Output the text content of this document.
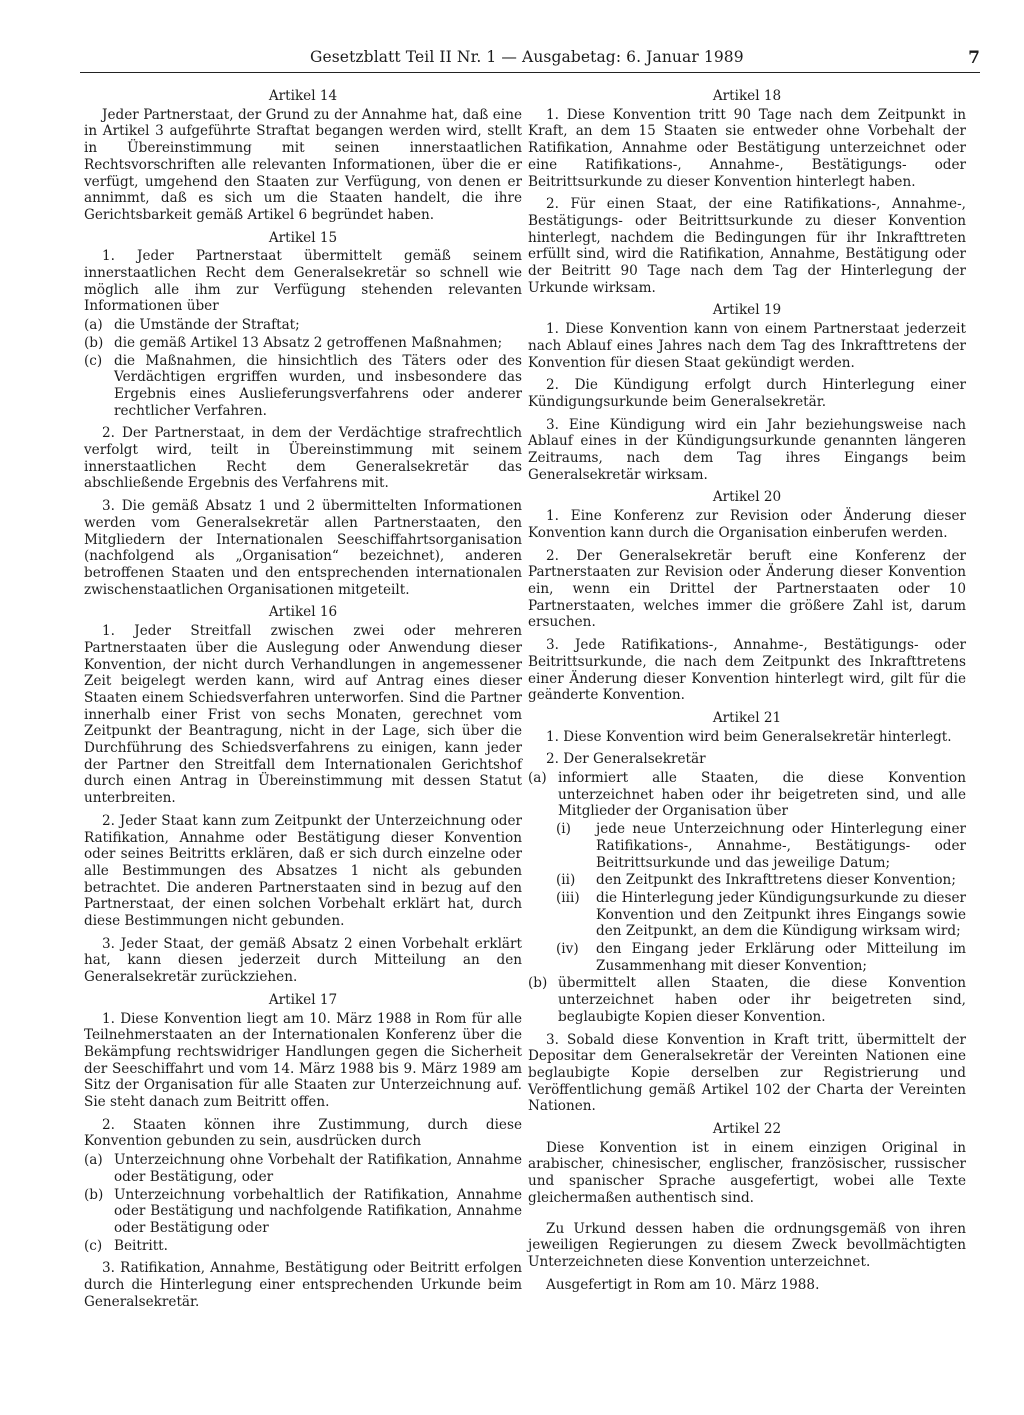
Gesetzblatt Teil II Nr. 1 — Ausgabetag: 6. Januar 1989	7
Artikel 14
Jeder Partnerstaat, der Grund zu der Annahme hat, daß eine in Artikel 3 aufgeführte Straftat begangen werden wird, stellt in Übereinstimmung mit seinen innerstaatlichen Rechtsvorschriften alle relevanten Informationen, über die er verfügt, umgehend den Staaten zur Verfügung, von denen er annimmt, daß es sich um die Staaten handelt, die ihre Gerichtsbarkeit gemäß Artikel 6 begründet haben.
Artikel 15
1. Jeder Partnerstaat übermittelt gemäß seinem innerstaatlichen Recht dem Generalsekretär so schnell wie möglich alle ihm zur Verfügung stehenden relevanten Informationen über
(a) die Umstände der Straftat;
(b) die gemäß Artikel 13 Absatz 2 getroffenen Maßnahmen;
(c) die Maßnahmen, die hinsichtlich des Täters oder des Verdächtigen ergriffen wurden, und insbesondere das Ergebnis eines Auslieferungsverfahrens oder anderer rechtlicher Verfahren.
2. Der Partnerstaat, in dem der Verdächtige strafrechtlich verfolgt wird, teilt in Übereinstimmung mit seinem innerstaatlichen Recht dem Generalsekretär das abschließende Ergebnis des Verfahrens mit.
3. Die gemäß Absatz 1 und 2 übermittelten Informationen werden vom Generalsekretär allen Partnerstaaten, den Mitgliedern der Internationalen Seeschiffahrtsorganisation (nachfolgend als „Organisation“ bezeichnet), anderen betroffenen Staaten und den entsprechenden internationalen zwischenstaatlichen Organisationen mitgeteilt.
Artikel 16
1. Jeder Streitfall zwischen zwei oder mehreren Partnerstaaten über die Auslegung oder Anwendung dieser Konvention, der nicht durch Verhandlungen in angemessener Zeit beigelegt werden kann, wird auf Antrag eines dieser Staaten einem Schiedsverfahren unterworfen. Sind die Partner innerhalb einer Frist von sechs Monaten, gerechnet vom Zeitpunkt der Beantragung, nicht in der Lage, sich über die Durchführung des Schiedsverfahrens zu einigen, kann jeder der Partner den Streitfall dem Internationalen Gerichtshof durch einen Antrag in Übereinstimmung mit dessen Statut unterbreiten.
2. Jeder Staat kann zum Zeitpunkt der Unterzeichnung oder Ratifikation, Annahme oder Bestätigung dieser Konvention oder seines Beitritts erklären, daß er sich durch einzelne oder alle Bestimmungen des Absatzes 1 nicht als gebunden betrachtet. Die anderen Partnerstaaten sind in bezug auf den Partnerstaat, der einen solchen Vorbehalt erklärt hat, durch diese Bestimmungen nicht gebunden.
3. Jeder Staat, der gemäß Absatz 2 einen Vorbehalt erklärt hat, kann diesen jederzeit durch Mitteilung an den Generalsekretär zurückziehen.
Artikel 17
1. Diese Konvention liegt am 10. März 1988 in Rom für alle Teilnehmerstaaten an der Internationalen Konferenz über die Bekämpfung rechtswidriger Handlungen gegen die Sicherheit der Seeschiffahrt und vom 14. März 1988 bis 9. März 1989 am Sitz der Organisation für alle Staaten zur Unterzeichnung auf. Sie steht danach zum Beitritt offen.
2. Staaten können ihre Zustimmung, durch diese Konvention gebunden zu sein, ausdrücken durch
(a) Unterzeichnung ohne Vorbehalt der Ratifikation, Annahme oder Bestätigung, oder
(b) Unterzeichnung vorbehaltlich der Ratifikation, Annahme oder Bestätigung und nachfolgende Ratifikation, Annahme oder Bestätigung oder
(c) Beitritt.
3. Ratifikation, Annahme, Bestätigung oder Beitritt erfolgen durch die Hinterlegung einer entsprechenden Urkunde beim Generalsekretär.
Artikel 18
1. Diese Konvention tritt 90 Tage nach dem Zeitpunkt in Kraft, an dem 15 Staaten sie entweder ohne Vorbehalt der Ratifikation, Annahme oder Bestätigung unterzeichnet oder eine Ratifikations-, Annahme-, Bestätigungs- oder Beitrittsurkunde zu dieser Konvention hinterlegt haben.
2. Für einen Staat, der eine Ratifikations-, Annahme-, Bestätigungs- oder Beitrittsurkunde zu dieser Konvention hinterlegt, nachdem die Bedingungen für ihr Inkrafttreten erfüllt sind, wird die Ratifikation, Annahme, Bestätigung oder der Beitritt 90 Tage nach dem Tag der Hinterlegung der Urkunde wirksam.
Artikel 19
1. Diese Konvention kann von einem Partnerstaat jederzeit nach Ablauf eines Jahres nach dem Tag des Inkrafttretens der Konvention für diesen Staat gekündigt werden.
2. Die Kündigung erfolgt durch Hinterlegung einer Kündigungsurkunde beim Generalsekretär.
3. Eine Kündigung wird ein Jahr beziehungsweise nach Ablauf eines in der Kündigungsurkunde genannten längeren Zeitraums, nach dem Tag ihres Eingangs beim Generalsekretär wirksam.
Artikel 20
1. Eine Konferenz zur Revision oder Änderung dieser Konvention kann durch die Organisation einberufen werden.
2. Der Generalsekretär beruft eine Konferenz der Partnerstaaten zur Revision oder Änderung dieser Konvention ein, wenn ein Drittel der Partnerstaaten oder 10 Partnerstaaten, welches immer die größere Zahl ist, darum ersuchen.
3. Jede Ratifikations-, Annahme-, Bestätigungs- oder Beitrittsurkunde, die nach dem Zeitpunkt des Inkrafttretens einer Änderung dieser Konvention hinterlegt wird, gilt für die geänderte Konvention.
Artikel 21
1. Diese Konvention wird beim Generalsekretär hinterlegt.
2. Der Generalsekretär
(a) informiert alle Staaten, die diese Konvention unterzeichnet haben oder ihr beigetreten sind, und alle Mitglieder der Organisation über
(i)	jede neue Unterzeichnung oder Hinterlegung einer Ratifikations-, Annahme-, Bestätigungs- oder Beitrittsurkunde und das jeweilige Datum;
(ii)	den Zeitpunkt des Inkrafttretens dieser Konvention;
(iii)	die Hinterlegung jeder Kündigungsurkunde zu dieser Konvention und den Zeitpunkt ihres Eingangs sowie den Zeitpunkt, an dem die Kündigung wirksam wird;
(iv)	den Eingang jeder Erklärung oder Mitteilung im Zusammenhang mit dieser Konvention;
(b) übermittelt allen Staaten, die diese Konvention unterzeichnet haben oder ihr beigetreten sind, beglaubigte Kopien dieser Konvention.
3. Sobald diese Konvention in Kraft tritt, übermittelt der Depositar dem Generalsekretär der Vereinten Nationen eine beglaubigte Kopie derselben zur Registrierung und Veröffentlichung gemäß Artikel 102 der Charta der Vereinten Nationen.
Artikel 22
Diese Konvention ist in einem einzigen Original in arabischer, chinesischer, englischer, französischer, russischer und spanischer Sprache ausgefertigt, wobei alle Texte gleichermaßen authentisch sind.
Zu Urkund dessen haben die ordnungsgemäß von ihren jeweiligen Regierungen zu diesem Zweck bevollmächtigten Unterzeichneten diese Konvention unterzeichnet.
Ausgefertigt in Rom am 10. März 1988.
